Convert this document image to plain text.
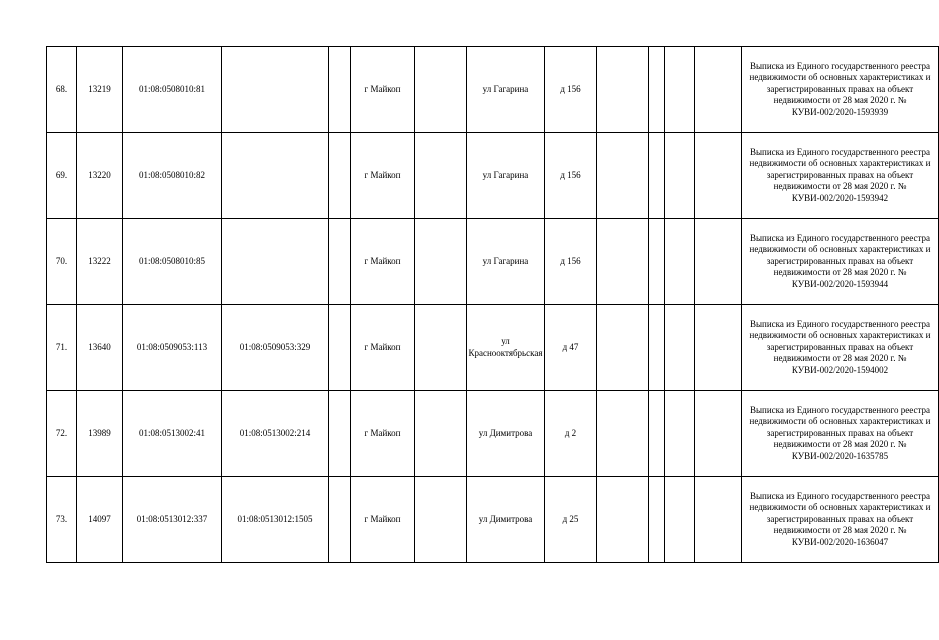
68.	13219	01:08:0508010:81			г Майкоп		ул Гагарина	д 156					Выписка из Единого государственного реестра недвижимости об основных характеристиках и зарегистрированных правах на объект недвижимости от 28 мая 2020 г. № КУВИ-002/2020-1593939
69.	13220	01:08:0508010:82			г Майкоп		ул Гагарина	д 156					Выписка из Единого государственного реестра недвижимости об основных характеристиках и зарегистрированных правах на объект недвижимости от 28 мая 2020 г. № КУВИ-002/2020-1593942
70.	13222	01:08:0508010:85			г Майкоп		ул Гагарина	д 156					Выписка из Единого государственного реестра недвижимости об основных характеристиках и зарегистрированных правах на объект недвижимости от 28 мая 2020 г. № КУВИ-002/2020-1593944
71.	13640	01:08:0509053:113	01:08:0509053:329		г Майкоп		ул Краснооктябрьская	д 47					Выписка из Единого государственного реестра недвижимости об основных характеристиках и зарегистрированных правах на объект недвижимости от 28 мая 2020 г. № КУВИ-002/2020-1594002
72.	13989	01:08:0513002:41	01:08:0513002:214		г Майкоп		ул Димитрова	д 2					Выписка из Единого государственного реестра недвижимости об основных характеристиках и зарегистрированных правах на объект недвижимости от 28 мая 2020 г. № КУВИ-002/2020-1635785
73.	14097	01:08:0513012:337	01:08:0513012:1505		г Майкоп		ул Димитрова	д 25					Выписка из Единого государственного реестра недвижимости об основных характеристиках и зарегистрированных правах на объект недвижимости от 28 мая 2020 г. № КУВИ-002/2020-1636047
